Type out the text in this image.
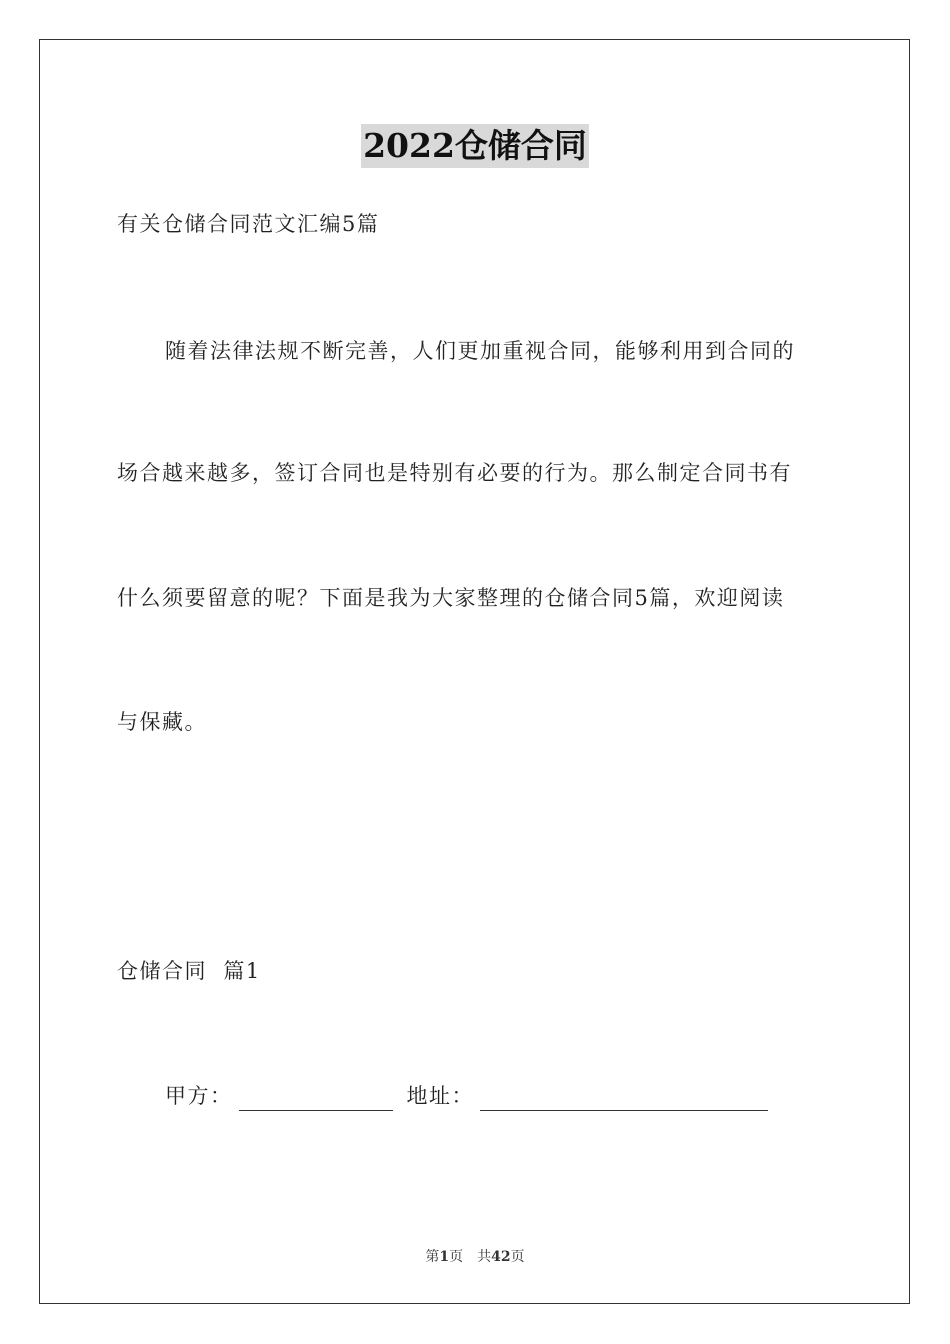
2022仓储合同
有关仓储合同范文汇编5篇
随着法律法规不断完善，人们更加重视合同，能够利用到合同的
场合越来越多，签订合同也是特别有必要的行为。那么制定合同书有
什么须要留意的呢？下面是我为大家整理的仓储合同5篇，欢迎阅读
与保藏。
仓储合同  篇1
甲方：	地址：
第1页 共42页
